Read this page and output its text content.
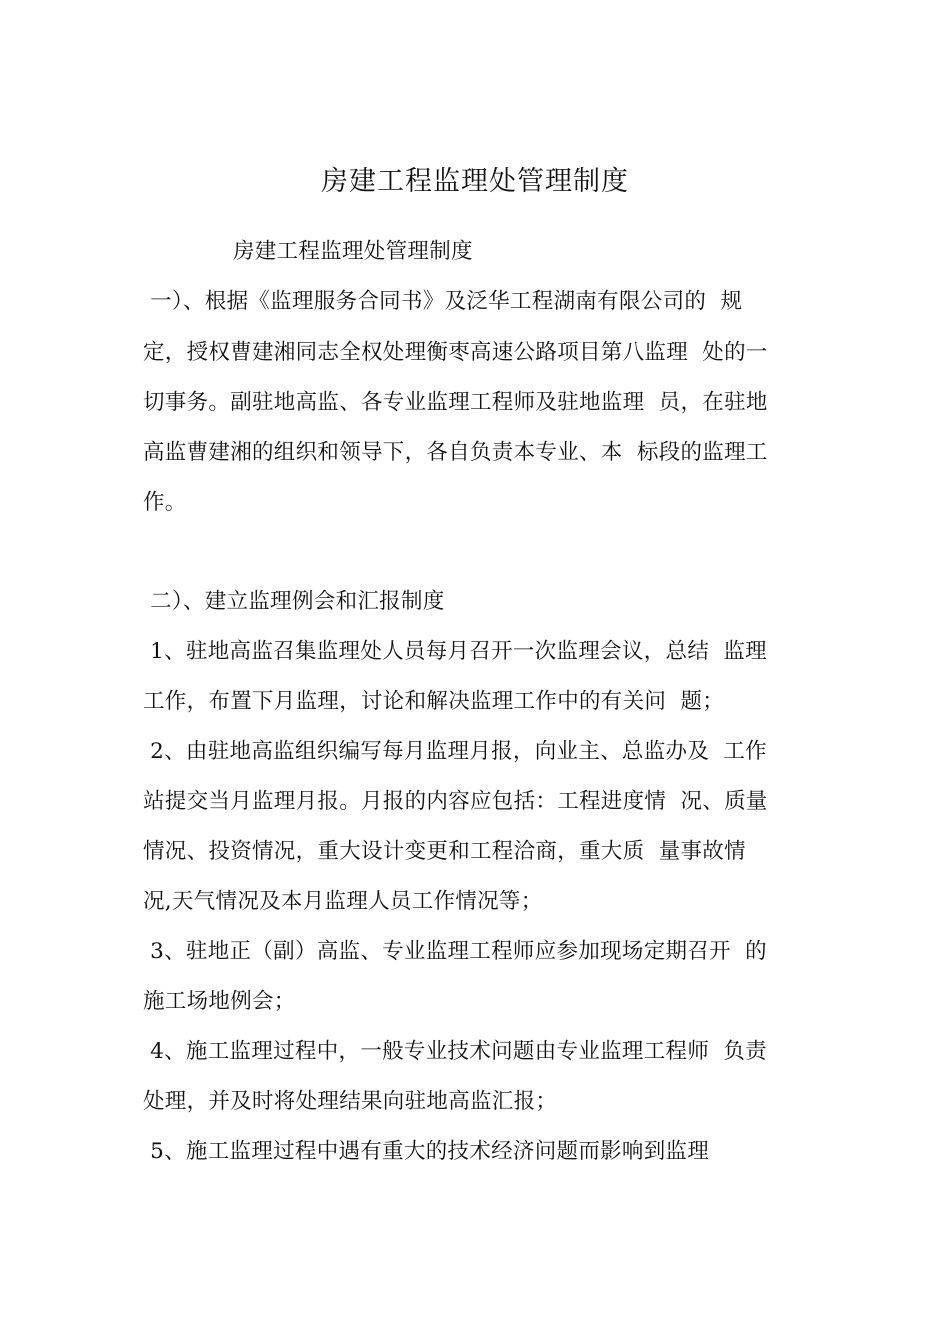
房建工程监理处管理制度
房建工程监理处管理制度
一）、根据《监理服务合同书》及泛华工程湖南有限公司的  规
定，授权曹建湘同志全权处理衡枣高速公路项目第八监理  处的一
切事务。副驻地高监、各专业监理工程师及驻地监理  员，在驻地
高监曹建湘的组织和领导下，各自负责本专业、本  标段的监理工
作。
二）、建立监理例会和汇报制度
1、驻地高监召集监理处人员每月召开一次监理会议，总结  监理
工作，布置下月监理，讨论和解决监理工作中的有关问  题；
2、由驻地高监组织编写每月监理月报，向业主、总监办及  工作
站提交当月监理月报。月报的内容应包括：工程进度情  况、质量
情况、投资情况，重大设计变更和工程洽商，重大质  量事故情
况,天气情况及本月监理人员工作情况等；
3、驻地正（副）高监、专业监理工程师应参加现场定期召开  的
施工场地例会；
4、施工监理过程中，一般专业技术问题由专业监理工程师  负责
处理，并及时将处理结果向驻地高监汇报；
5、施工监理过程中遇有重大的技术经济问题而影响到监理
